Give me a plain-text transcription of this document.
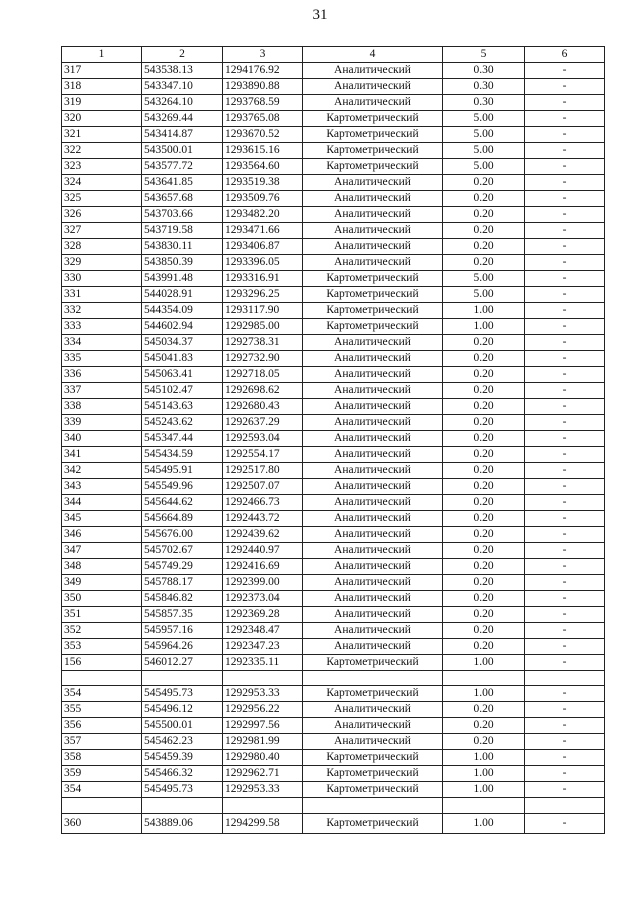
31
1	2	3	4	5	6
317	543538.13	1294176.92	Аналитический	0.30	-
318	543347.10	1293890.88	Аналитический	0.30	-
319	543264.10	1293768.59	Аналитический	0.30	-
320	543269.44	1293765.08	Картометрический	5.00	-
321	543414.87	1293670.52	Картометрический	5.00	-
322	543500.01	1293615.16	Картометрический	5.00	-
323	543577.72	1293564.60	Картометрический	5.00	-
324	543641.85	1293519.38	Аналитический	0.20	-
325	543657.68	1293509.76	Аналитический	0.20	-
326	543703.66	1293482.20	Аналитический	0.20	-
327	543719.58	1293471.66	Аналитический	0.20	-
328	543830.11	1293406.87	Аналитический	0.20	-
329	543850.39	1293396.05	Аналитический	0.20	-
330	543991.48	1293316.91	Картометрический	5.00	-
331	544028.91	1293296.25	Картометрический	5.00	-
332	544354.09	1293117.90	Картометрический	1.00	-
333	544602.94	1292985.00	Картометрический	1.00	-
334	545034.37	1292738.31	Аналитический	0.20	-
335	545041.83	1292732.90	Аналитический	0.20	-
336	545063.41	1292718.05	Аналитический	0.20	-
337	545102.47	1292698.62	Аналитический	0.20	-
338	545143.63	1292680.43	Аналитический	0.20	-
339	545243.62	1292637.29	Аналитический	0.20	-
340	545347.44	1292593.04	Аналитический	0.20	-
341	545434.59	1292554.17	Аналитический	0.20	-
342	545495.91	1292517.80	Аналитический	0.20	-
343	545549.96	1292507.07	Аналитический	0.20	-
344	545644.62	1292466.73	Аналитический	0.20	-
345	545664.89	1292443.72	Аналитический	0.20	-
346	545676.00	1292439.62	Аналитический	0.20	-
347	545702.67	1292440.97	Аналитический	0.20	-
348	545749.29	1292416.69	Аналитический	0.20	-
349	545788.17	1292399.00	Аналитический	0.20	-
350	545846.82	1292373.04	Аналитический	0.20	-
351	545857.35	1292369.28	Аналитический	0.20	-
352	545957.16	1292348.47	Аналитический	0.20	-
353	545964.26	1292347.23	Аналитический	0.20	-
156	546012.27	1292335.11	Картометрический	1.00	-

354	545495.73	1292953.33	Картометрический	1.00	-
355	545496.12	1292956.22	Аналитический	0.20	-
356	545500.01	1292997.56	Аналитический	0.20	-
357	545462.23	1292981.99	Аналитический	0.20	-
358	545459.39	1292980.40	Картометрический	1.00	-
359	545466.32	1292962.71	Картометрический	1.00	-
354	545495.73	1292953.33	Картометрический	1.00	-

360	543889.06	1294299.58	Картометрический	1.00	-
